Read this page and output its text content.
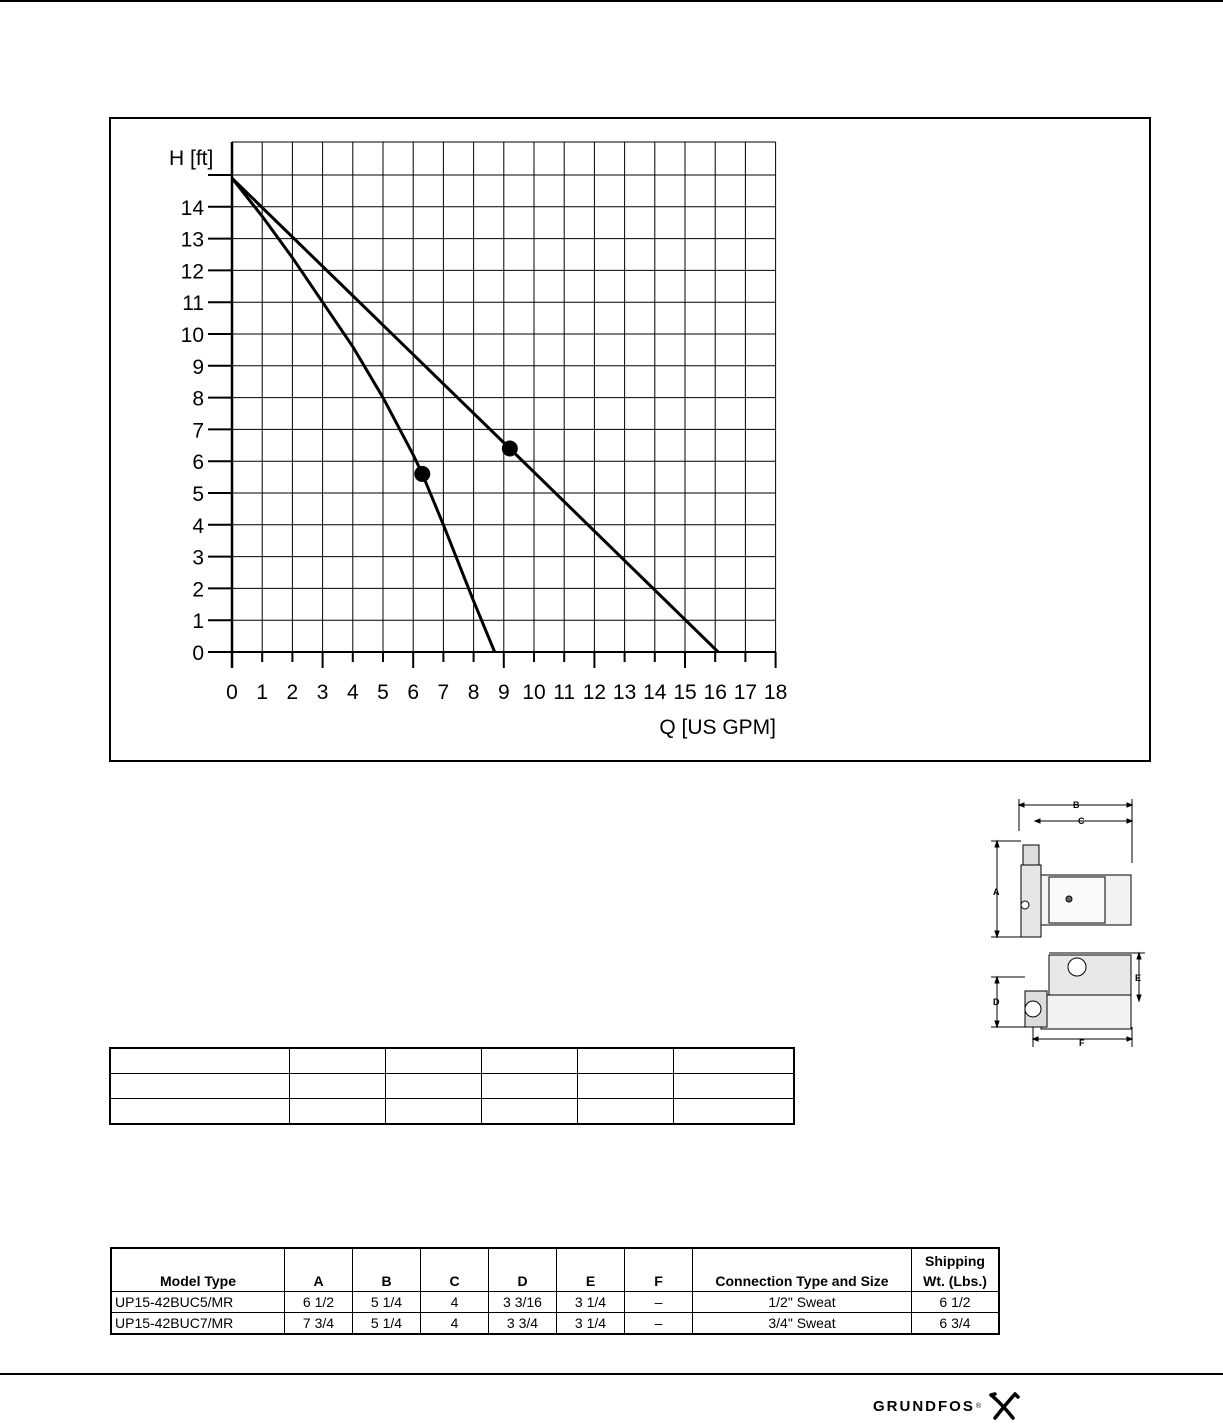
0 1 2 3 4 5 6 7 8 9 10 11 12 13 14 15 16 17 18
0
1
2
3
4
5
6
7
8
9
10
11
12
13
14
H [ft]
Q [US GPM]
B
C
A
E
D
F

Model Type	A	B	C	D	E	F	Connection Type and Size	Shipping Wt. (Lbs.)
UP15-42BUC5/MR	6 1/2	5 1/4	4	3 3/16	3 1/4	–	1/2" Sweat	6 1/2
UP15-42BUC7/MR	7 3/4	5 1/4	4	3 3/4	3 1/4	–	3/4" Sweat	6 3/4
GRUNDFOS ®
